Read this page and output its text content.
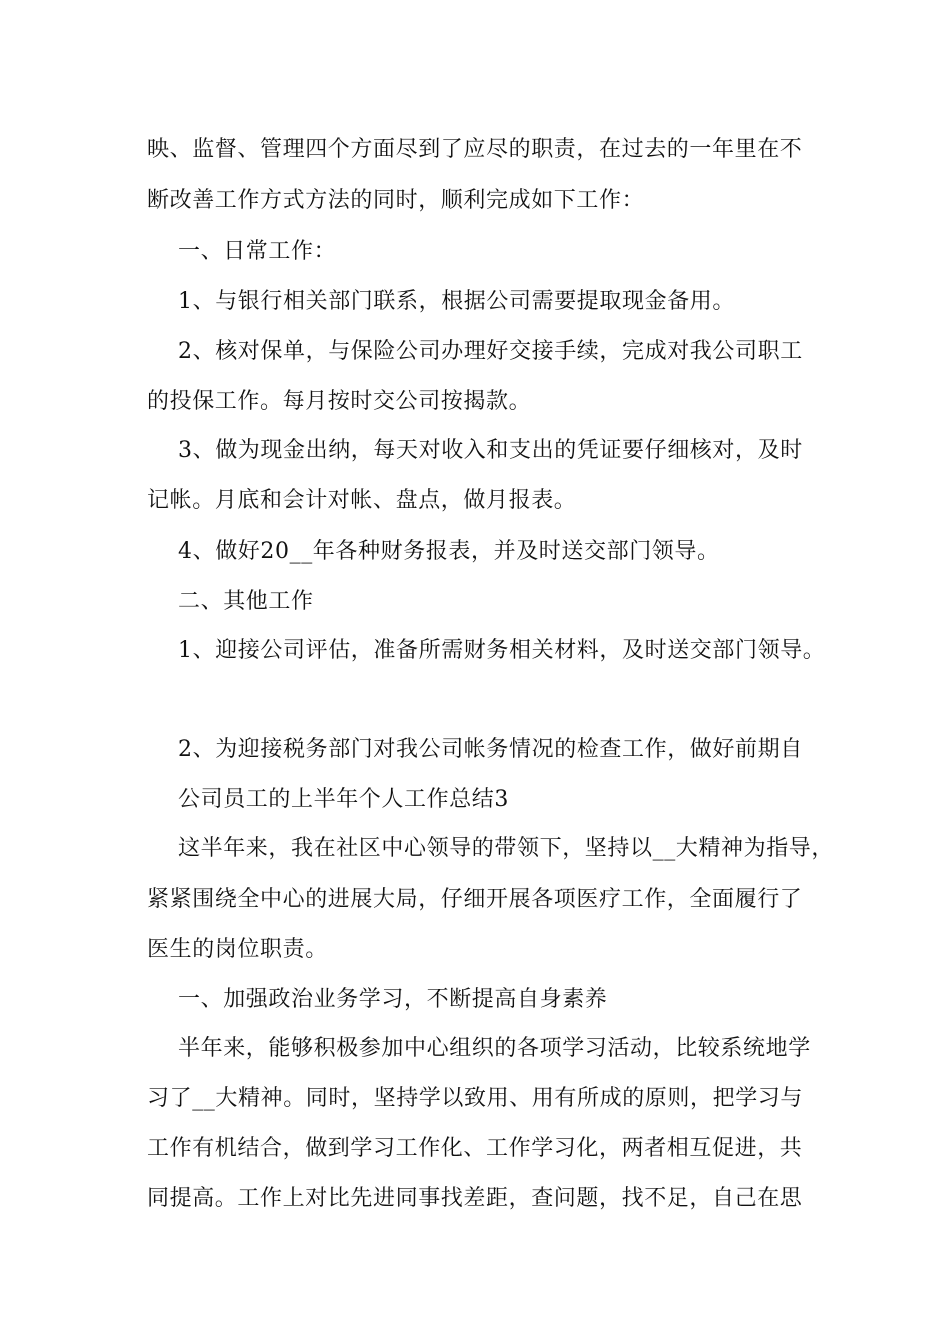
映、监督、管理四个方面尽到了应尽的职责，在过去的一年里在不
断改善工作方式方法的同时，顺利完成如下工作：
一、日常工作：
1、与银行相关部门联系，根据公司需要提取现金备用。
2、核对保单，与保险公司办理好交接手续，完成对我公司职工
的投保工作。每月按时交公司按揭款。
3、做为现金出纳，每天对收入和支出的凭证要仔细核对，及时
记帐。月底和会计对帐、盘点，做月报表。
4、做好20__年各种财务报表，并及时送交部门领导。
二、其他工作
1、迎接公司评估，准备所需财务相关材料，及时送交部门领导。
2、为迎接税务部门对我公司帐务情况的检查工作，做好前期自
公司员工的上半年个人工作总结3
这半年来，我在社区中心领导的带领下，坚持以__大精神为指导，
紧紧围绕全中心的进展大局，仔细开展各项医疗工作，全面履行了
医生的岗位职责。
一、加强政治业务学习，不断提高自身素养
半年来，能够积极参加中心组织的各项学习活动，比较系统地学
习了__大精神。同时，坚持学以致用、用有所成的原则，把学习与
工作有机结合，做到学习工作化、工作学习化，两者相互促进，共
同提高。工作上对比先进同事找差距，查问题，找不足，自己在思
